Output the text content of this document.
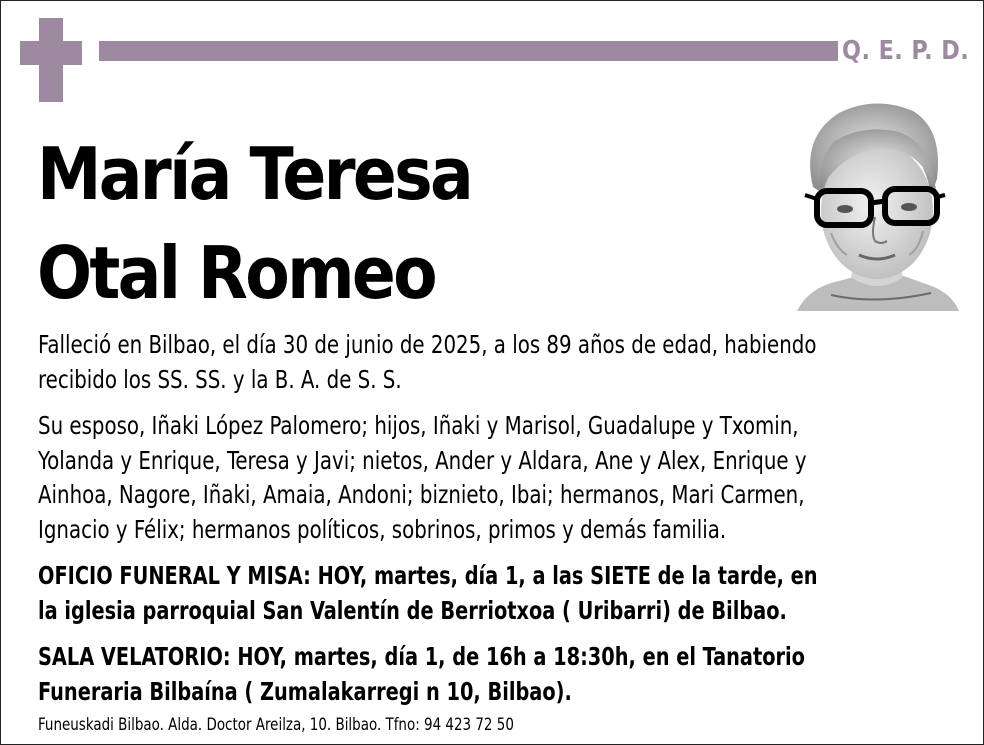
Q. E. P. D.
María Teresa
Otal Romeo

Falleció en Bilbao, el día 30 de junio de 2025, a los 89 años de edad, habiendo
recibido los SS. SS. y la B. A. de S. S.

Su esposo, Iñaki López Palomero; hijos, Iñaki y Marisol, Guadalupe y Txomin,
Yolanda y Enrique, Teresa y Javi; nietos, Ander y Aldara, Ane y Alex, Enrique y
Ainhoa, Nagore, Iñaki, Amaia, Andoni; biznieto, Ibai; hermanos, Mari Carmen,
Ignacio y Félix; hermanos políticos, sobrinos, primos y demás familia.

OFICIO FUNERAL Y MISA: HOY, martes, día 1, a las SIETE de la tarde, en
la iglesia parroquial San Valentín de Berriotxoa ( Uribarri) de Bilbao.

SALA VELATORIO: HOY, martes, día 1, de 16h a 18:30h, en el Tanatorio
Funeraria Bilbaína ( Zumalakarregi n 10, Bilbao).

Funeuskadi Bilbao. Alda. Doctor Areilza, 10. Bilbao. Tfno: 94 423 72 50
